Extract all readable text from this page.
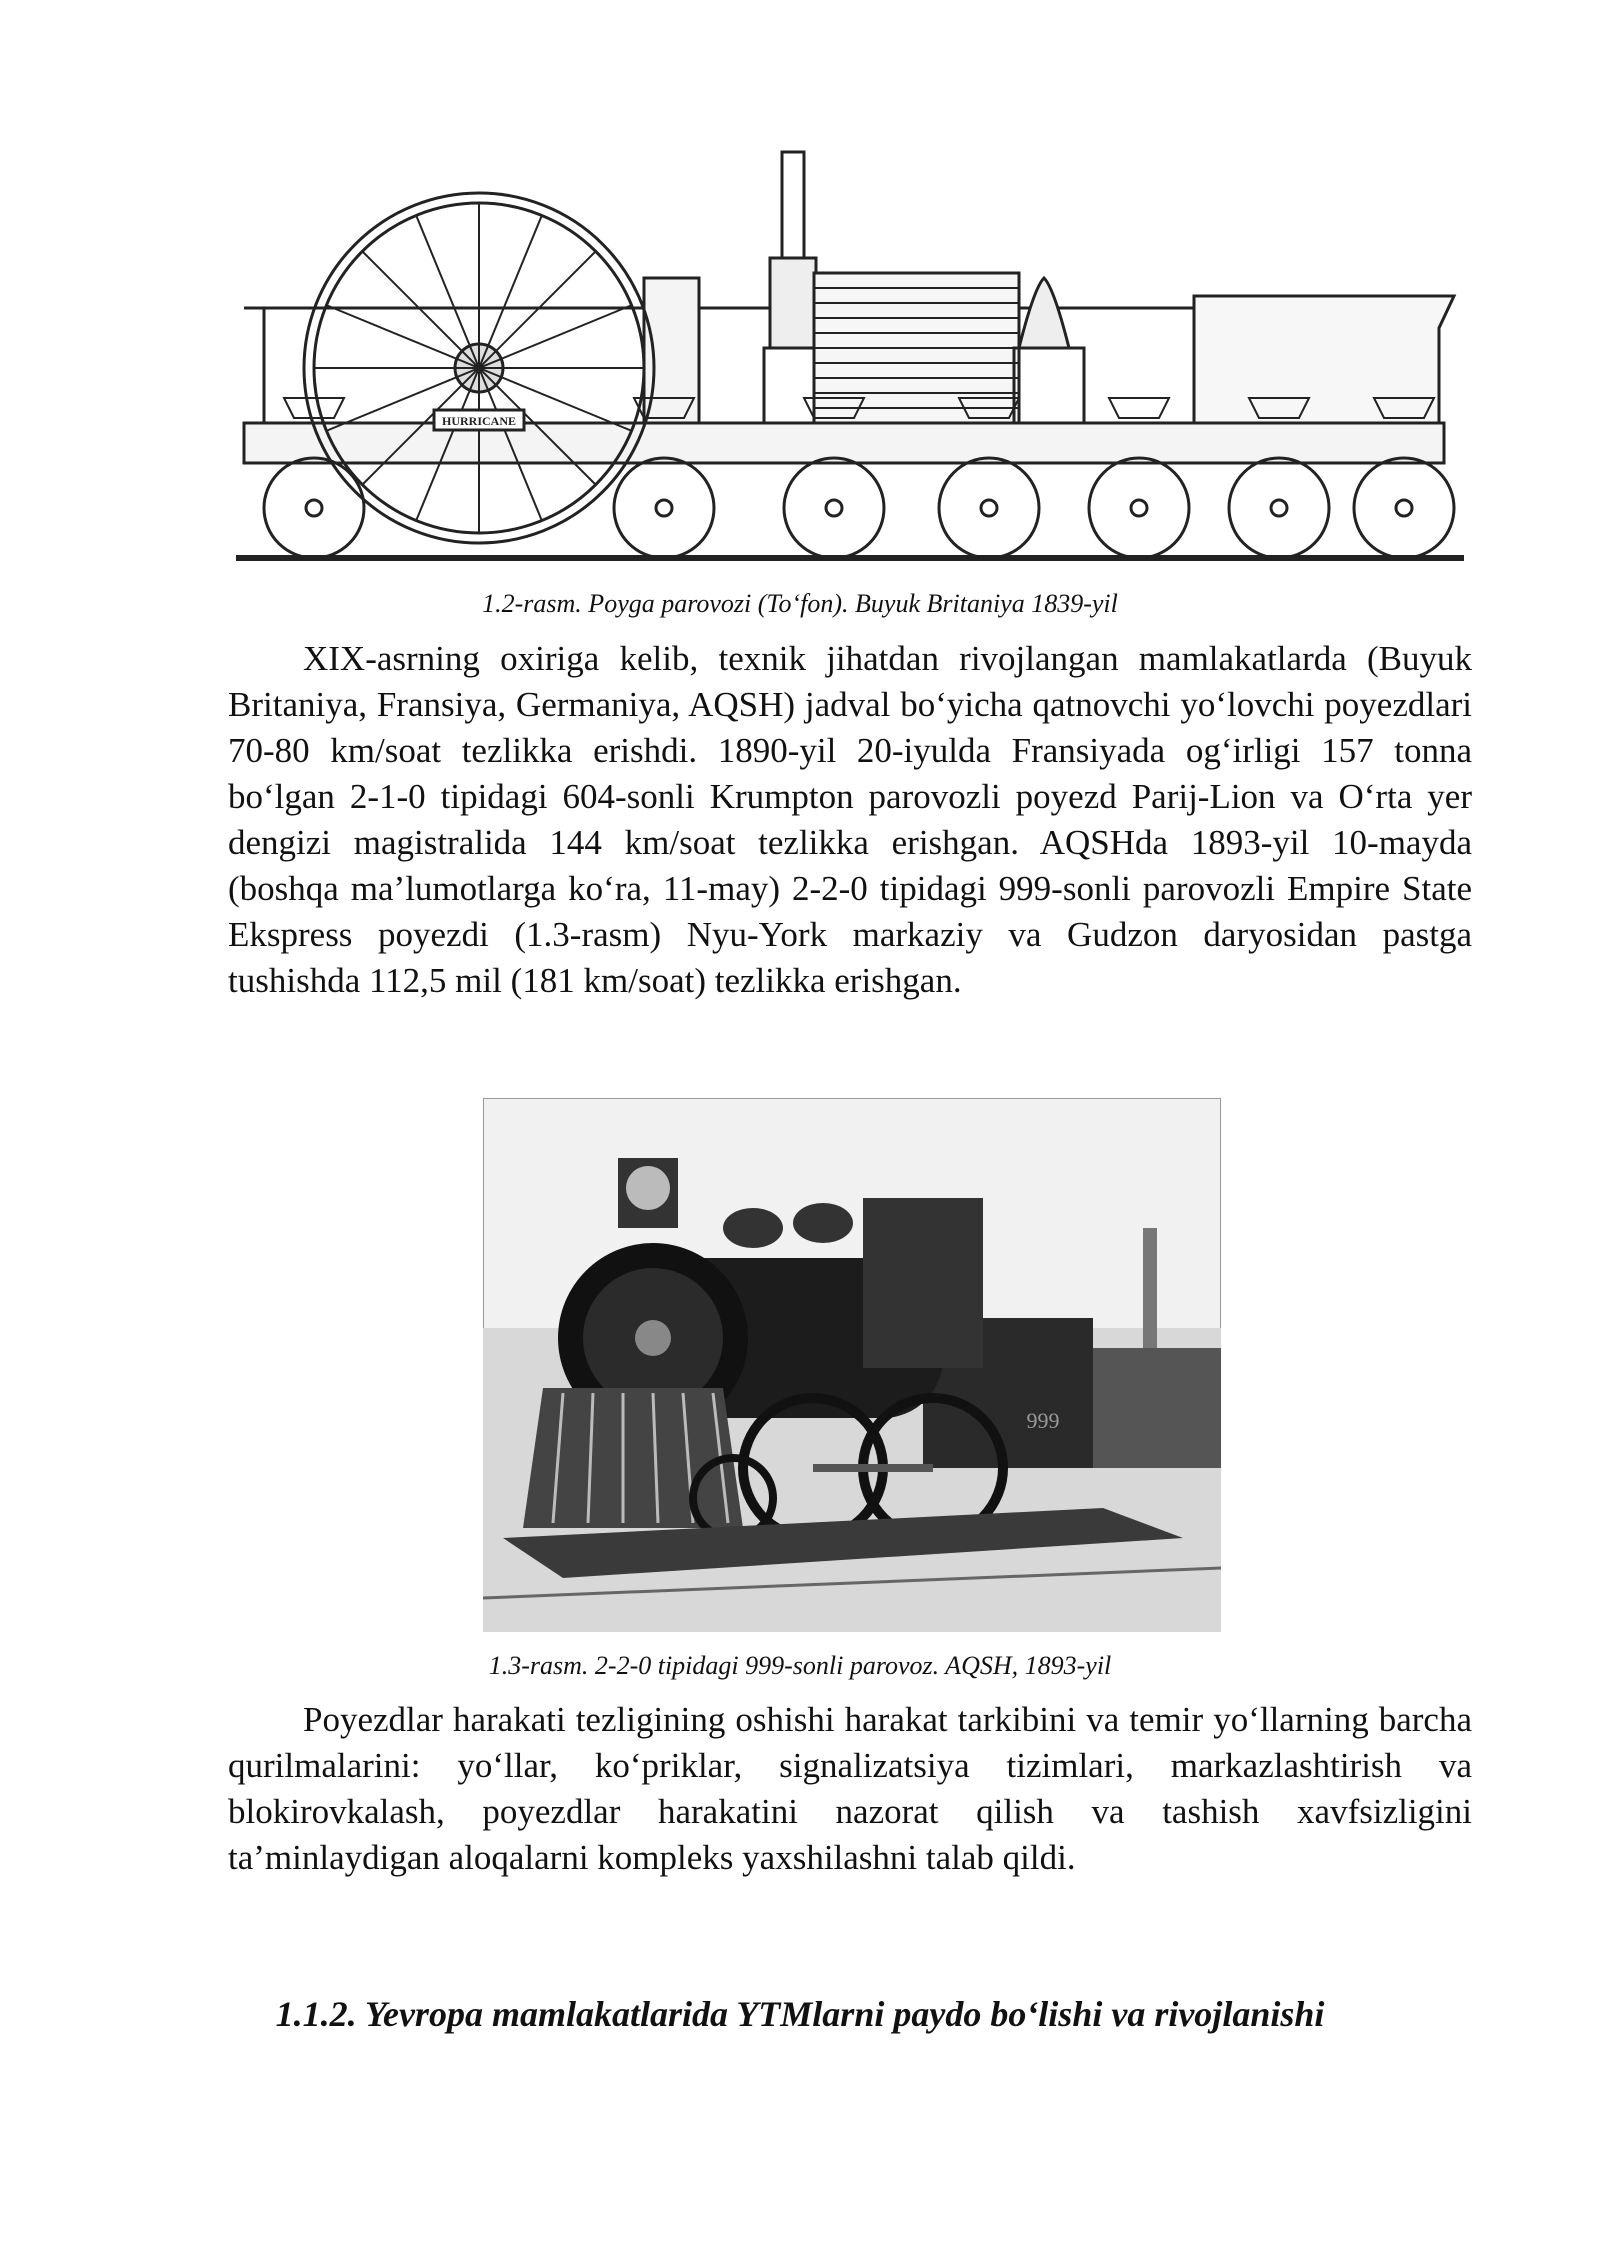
HURRICANE
1.2-rasm. Poyga parovozi (To‘fon). Buyuk Britaniya 1839-yil

XIX-asrning oxiriga kelib, texnik jihatdan rivojlangan mamlakatlarda (Buyuk Britaniya, Fransiya, Germaniya, AQSH) jadval bo‘yicha qatnovchi yo‘lovchi poyezdlari 70-80 km/soat tezlikka erishdi. 1890-yil 20-iyulda Fransiyada og‘irligi 157 tonna bo‘lgan 2-1-0 tipidagi 604-sonli Krumpton parovozli poyezd Parij-Lion va O‘rta yer dengizi magistralida 144 km/soat tezlikka erishgan. AQSHda 1893-yil 10-mayda (boshqa ma’lumotlarga ko‘ra, 11-may) 2-2-0 tipidagi 999-sonli parovozli Empire State Ekspress poyezdi (1.3-rasm) Nyu-York markaziy va Gudzon daryosidan pastga tushishda 112,5 mil (181 km/soat) tezlikka erishgan.

999
1.3-rasm. 2-2-0 tipidagi 999-sonli parovoz. AQSH, 1893-yil

Poyezdlar harakati tezligining oshishi harakat tarkibini va temir yo‘llarning barcha qurilmalarini: yo‘llar, ko‘priklar, signalizatsiya tizimlari, markazlashtirish va blokirovkalash, poyezdlar harakatini nazorat qilish va tashish xavfsizligini ta’minlaydigan aloqalarni kompleks yaxshilashni talab qildi.

1.1.2. Yevropa mamlakatlarida YTMlarni paydo bo‘lishi va rivojlanishi
